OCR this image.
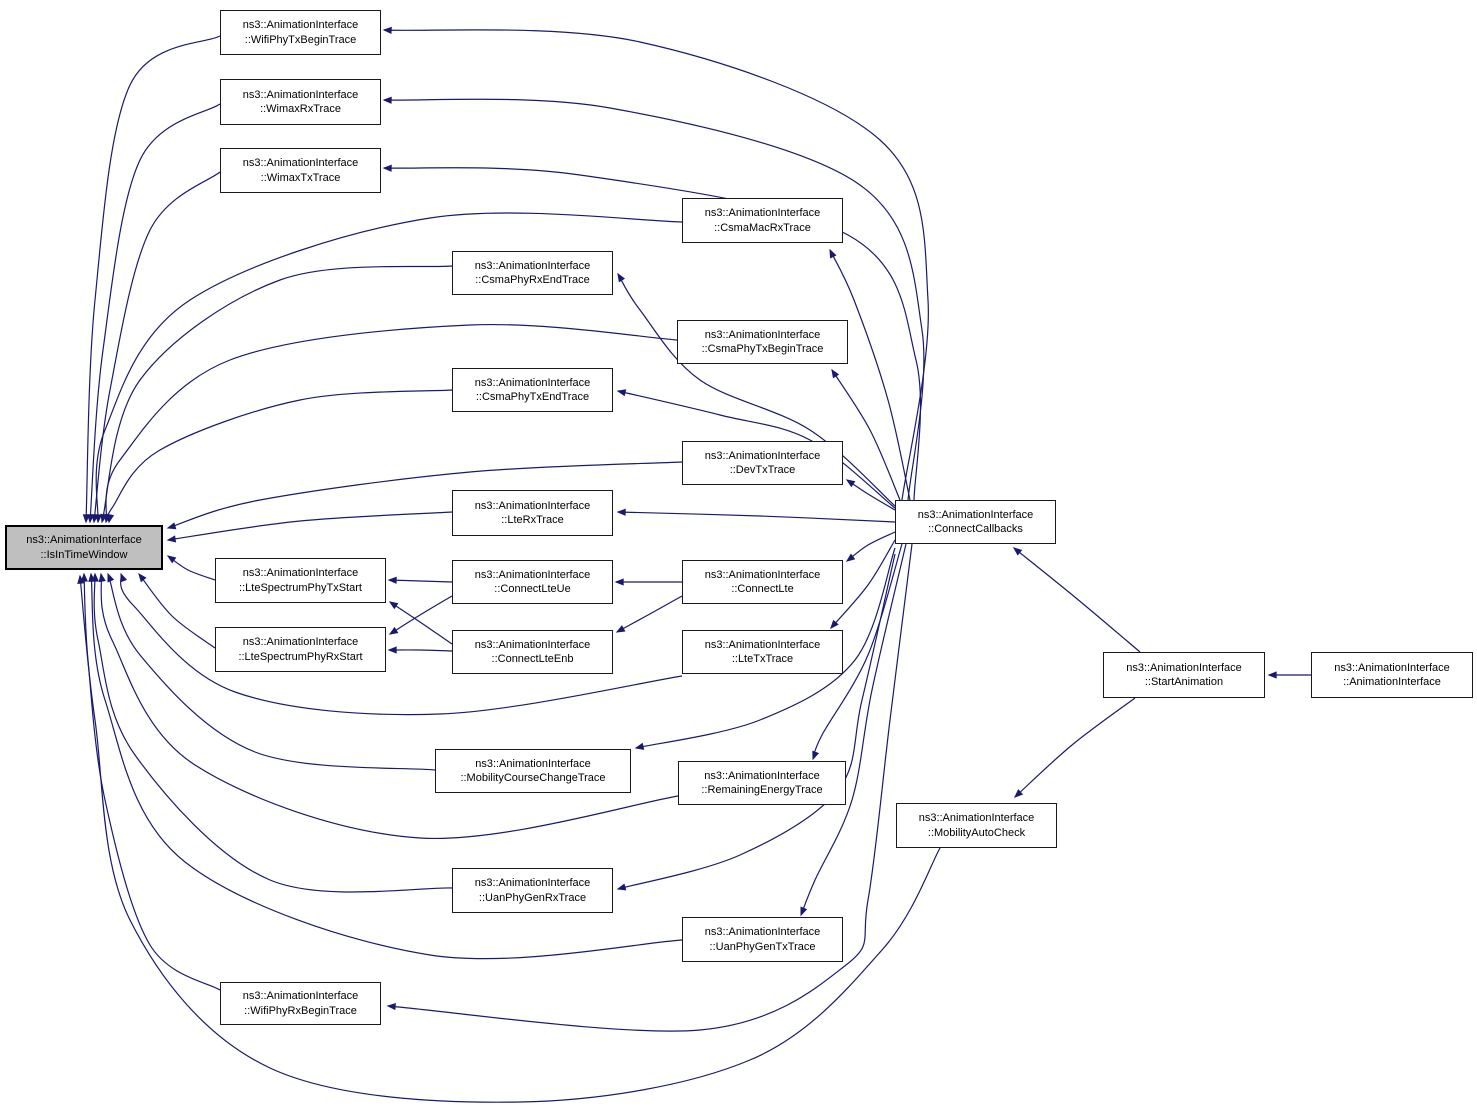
ns3::AnimationInterface
::IsInTimeWindow
ns3::AnimationInterface
::WifiPhyTxBeginTrace
ns3::AnimationInterface
::WimaxRxTrace
ns3::AnimationInterface
::WimaxTxTrace
ns3::AnimationInterface
::CsmaMacRxTrace
ns3::AnimationInterface
::CsmaPhyRxEndTrace
ns3::AnimationInterface
::CsmaPhyTxBeginTrace
ns3::AnimationInterface
::CsmaPhyTxEndTrace
ns3::AnimationInterface
::DevTxTrace
ns3::AnimationInterface
::LteRxTrace
ns3::AnimationInterface
::ConnectLteUe
ns3::AnimationInterface
::ConnectLte
ns3::AnimationInterface
::ConnectLteEnb
ns3::AnimationInterface
::LteTxTrace
ns3::AnimationInterface
::LteSpectrumPhyTxStart
ns3::AnimationInterface
::LteSpectrumPhyRxStart
ns3::AnimationInterface
::MobilityCourseChangeTrace	ns3::AnimationInterface
::RemainingEnergyTrace
ns3::AnimationInterface
::UanPhyGenRxTrace
ns3::AnimationInterface
::UanPhyGenTxTrace
ns3::AnimationInterface
::WifiPhyRxBeginTrace
ns3::AnimationInterface
::ConnectCallbacks
ns3::AnimationInterface
::MobilityAutoCheck
ns3::AnimationInterface
::StartAnimation
ns3::AnimationInterface
::AnimationInterface
